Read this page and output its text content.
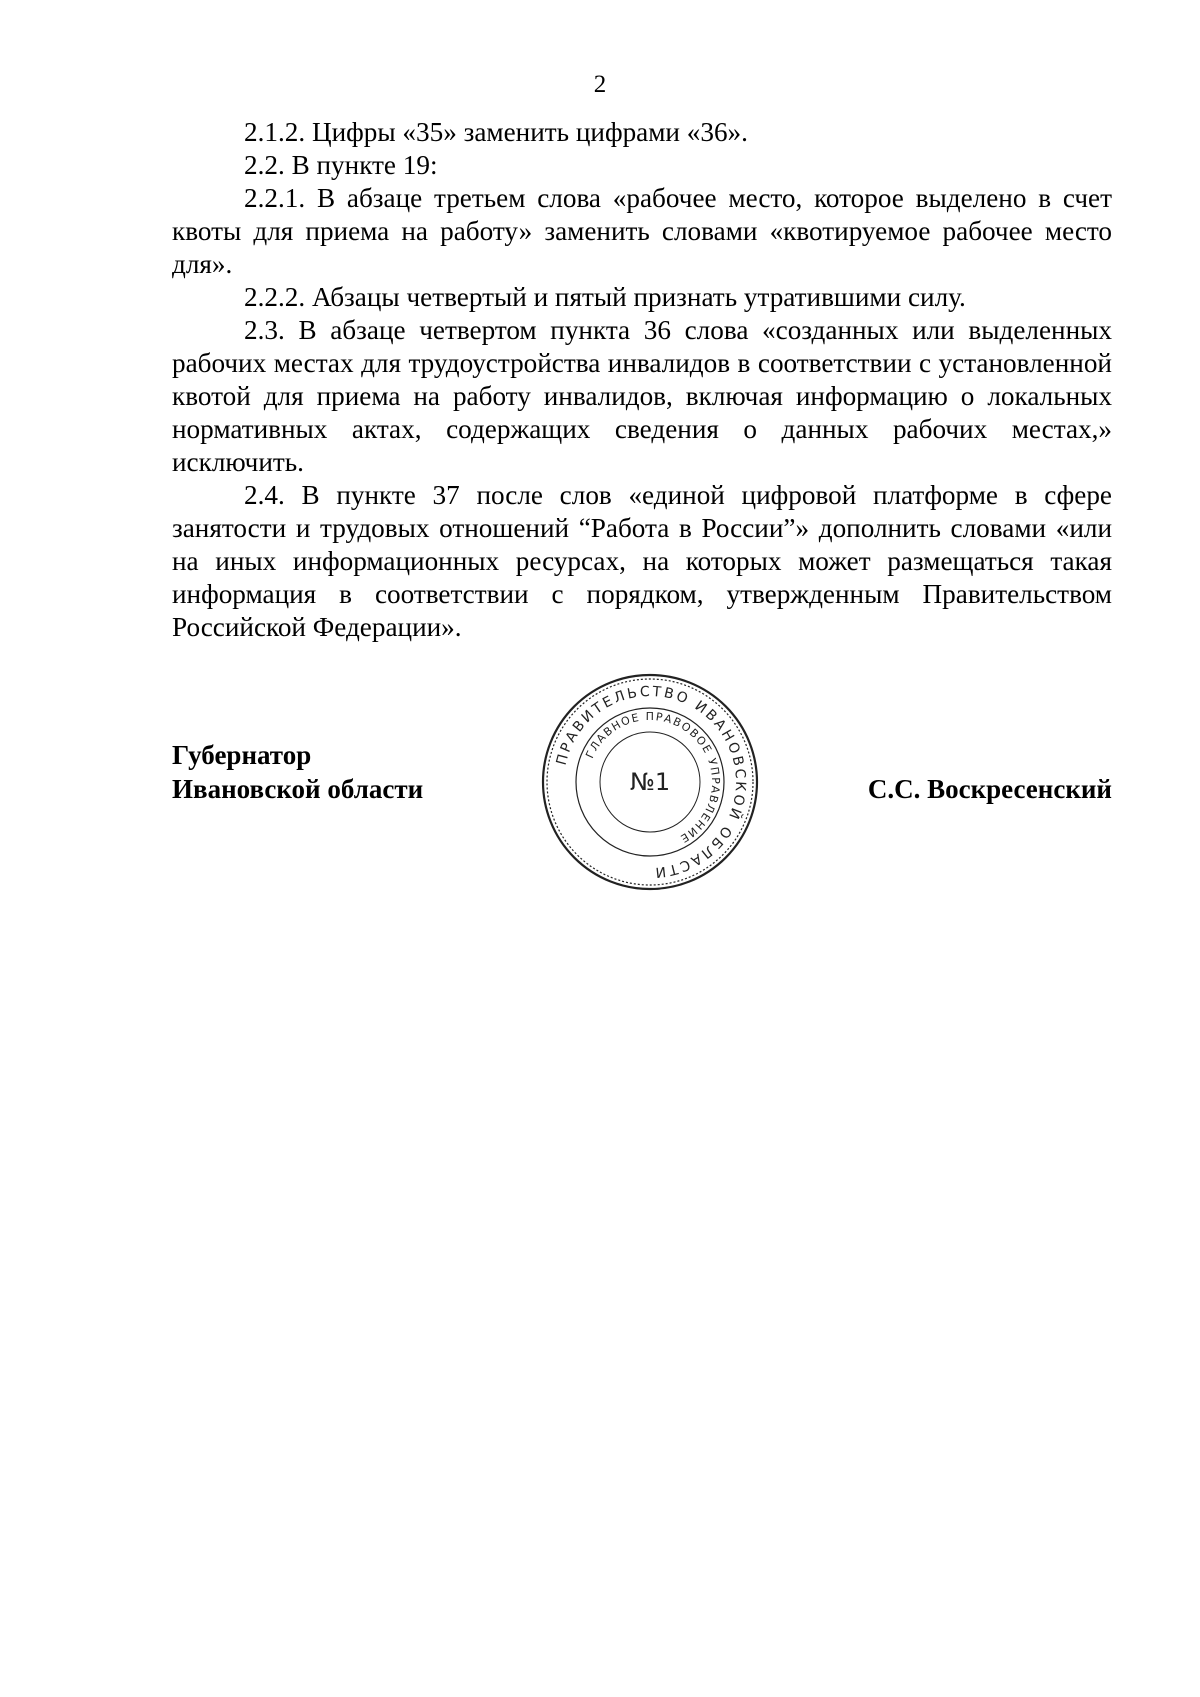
2

2.1.2. Цифры «35» заменить цифрами «36».

2.2. В пункте 19:

2.2.1. В абзаце третьем слова «рабочее место, которое выделено в счет квоты для приема на работу» заменить словами «квотируемое рабочее место для».

2.2.2. Абзацы четвертый и пятый признать утратившими силу.

2.3. В абзаце четвертом пункта 36 слова «созданных или выделенных рабочих местах для трудоустройства инвалидов в соответствии с установленной квотой для приема на работу инвалидов, включая информацию о локальных нормативных актах, содержащих сведения о данных рабочих местах,» исключить.

2.4. В пункте 37 после слов «единой цифровой платформе в сфере занятости и трудовых отношений “Работа в России”» дополнить словами «или на иных информационных ресурсах, на которых может размещаться такая информация в соответствии с порядком, утвержденным Правительством Российской Федерации».

Губернатор
Ивановской области
ПРАВИТЕЛЬСТВО ИВАНОВСКОЙ ОБЛАСТИ
ГЛАВНОЕ ПРАВОВОЕ УПРАВЛЕНИЕ
№1	С.С. Воскресенский
